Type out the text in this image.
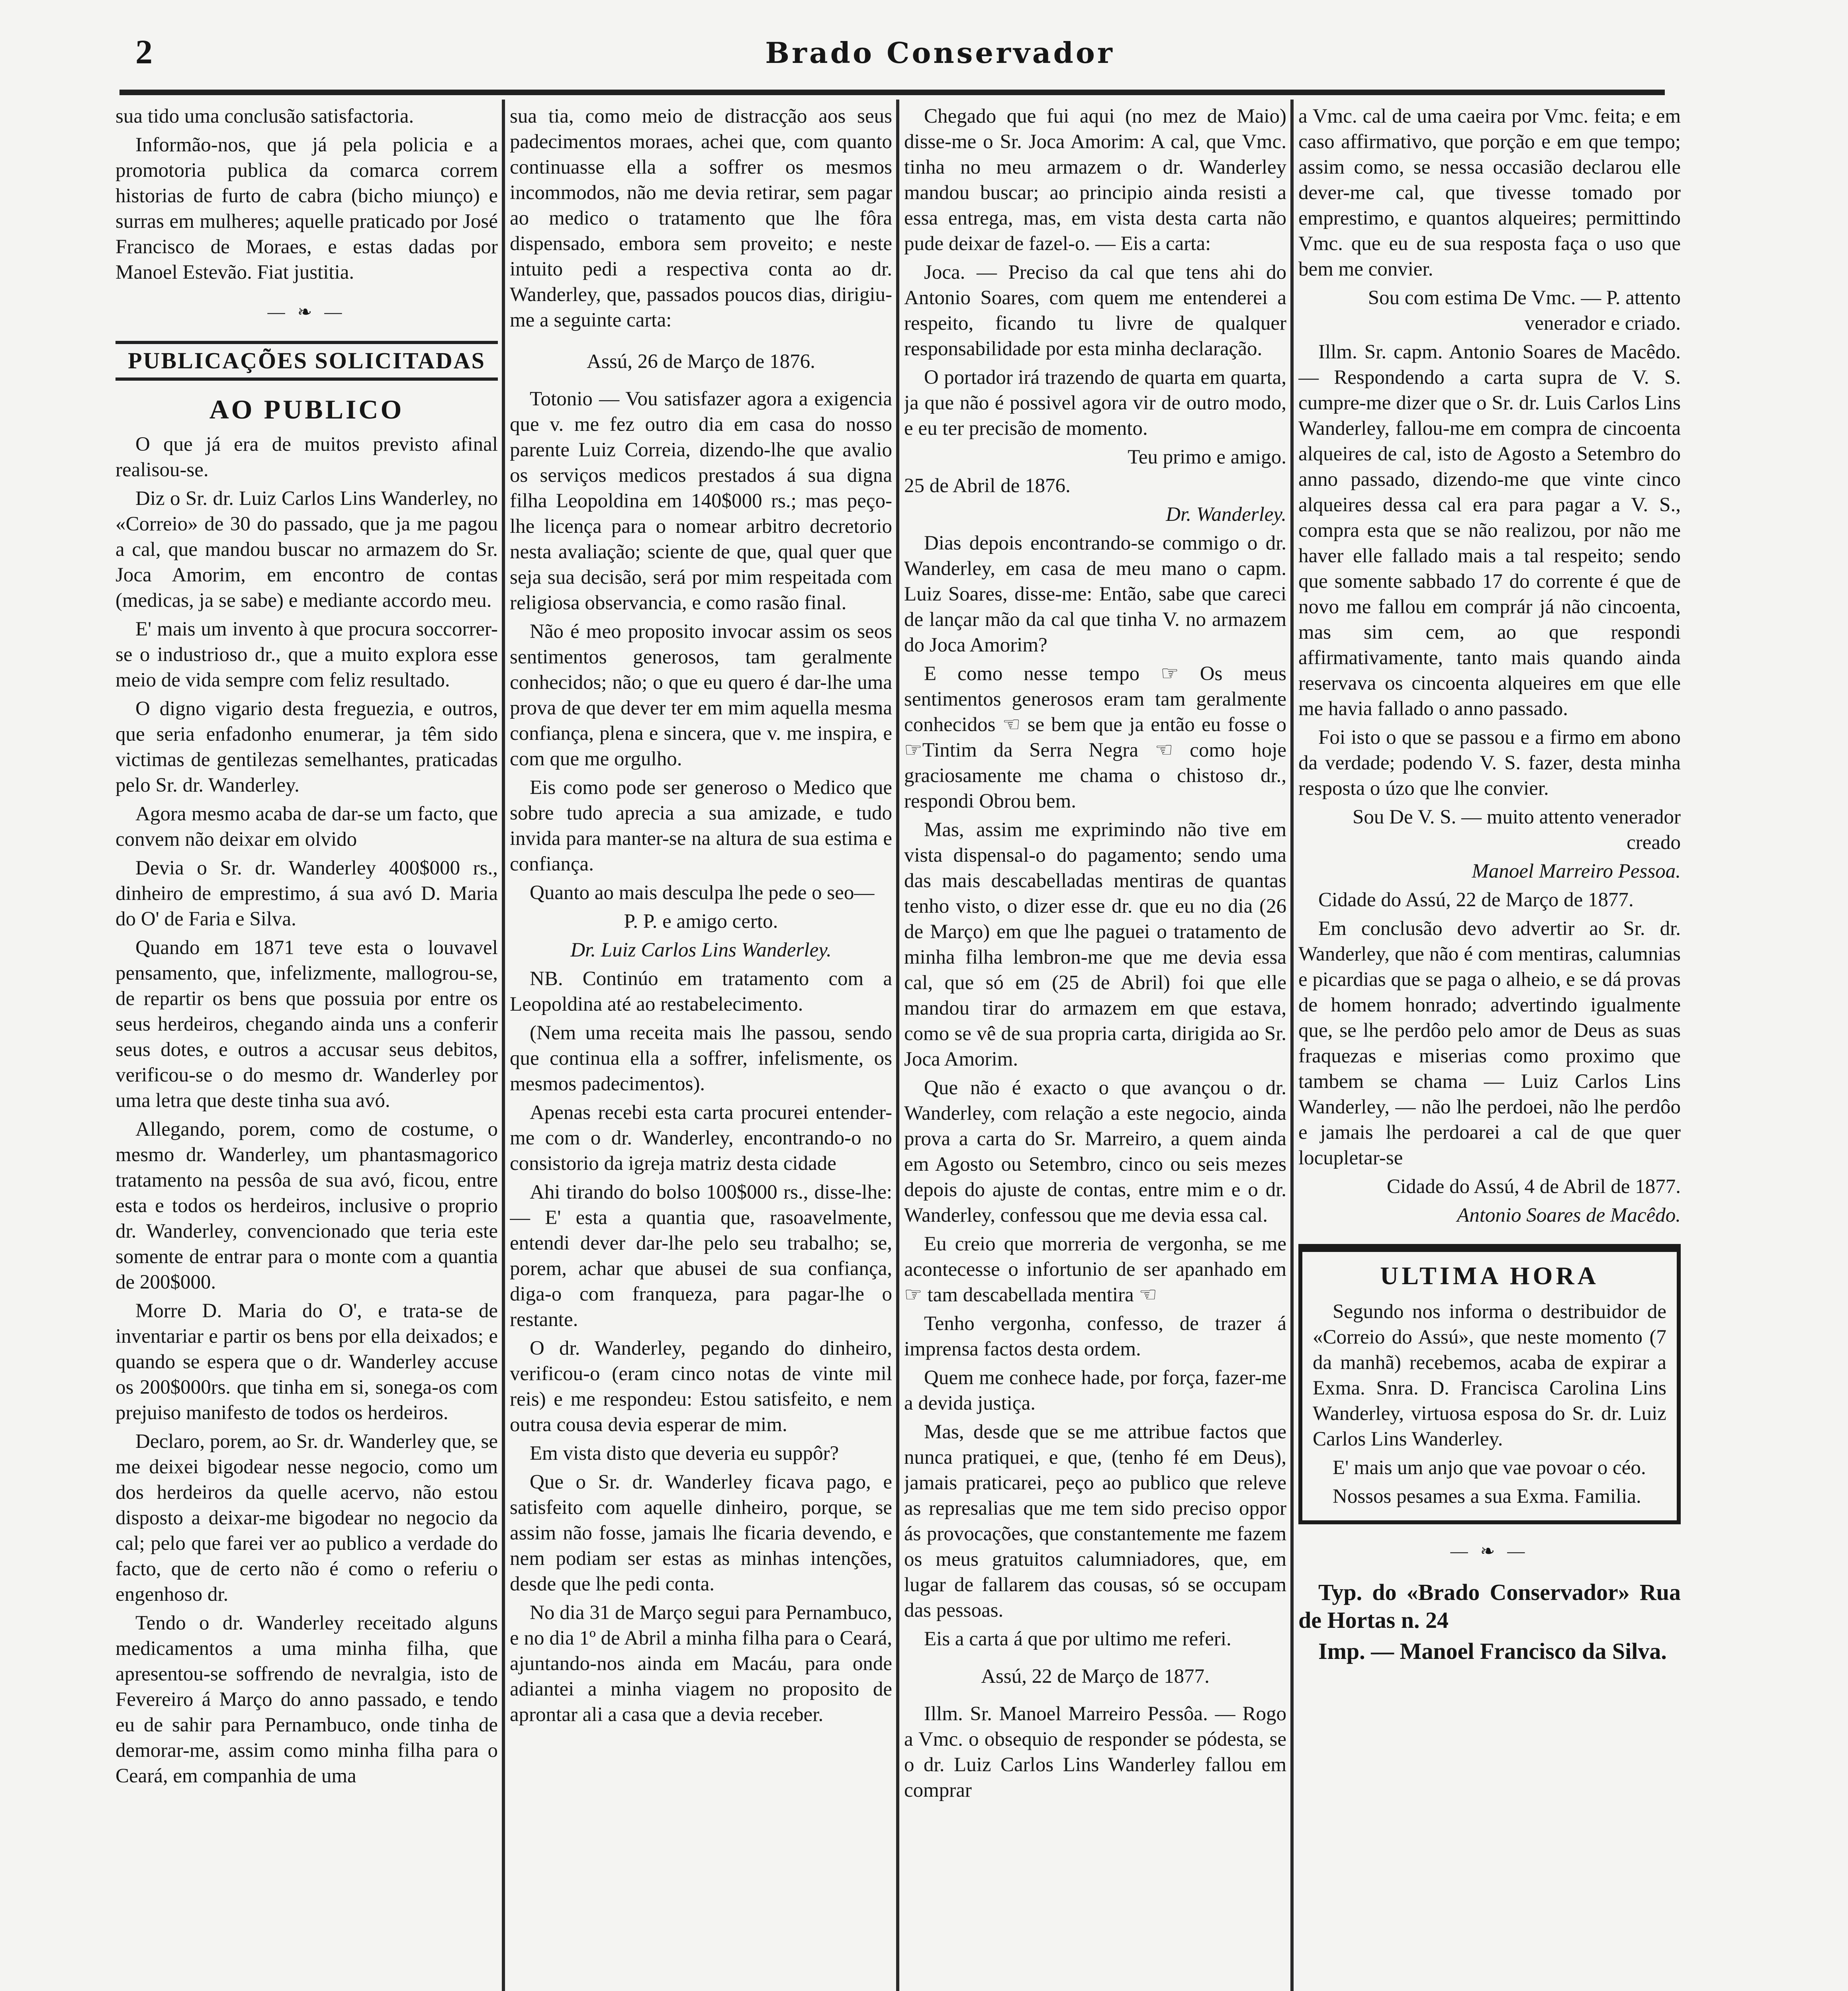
2	Brado Conservador

sua tido uma conclusão satisfactoria.

Informão-nos, que já pela policia e a promotoria publica da comarca correm historias de furto de cabra (bicho miunço) e surras em mulheres; aquelle praticado por José Francisco de Moraes, e estas dadas por Manoel Estevão. Fiat justitia.

— ❧ —
PUBLICAÇÕES SOLICITADAS
AO PUBLICO

O que já era de muitos previsto afinal realisou-se.

Diz o Sr. dr. Luiz Carlos Lins Wanderley, no «Correio» de 30 do passado, que ja me pagou a cal, que mandou buscar no armazem do Sr. Joca Amorim, em encontro de contas (medicas, ja se sabe) e mediante accordo meu.

E' mais um invento à que procura soccorrer-se o industrioso dr., que a muito explora esse meio de vida sempre com feliz resultado.

O digno vigario desta freguezia, e outros, que seria enfadonho enumerar, ja têm sido victimas de gentilezas semelhantes, praticadas pelo Sr. dr. Wanderley.

Agora mesmo acaba de dar-se um facto, que convem não deixar em olvido

Devia o Sr. dr. Wanderley 400$000 rs., dinheiro de emprestimo, á sua avó D. Maria do O' de Faria e Silva.

Quando em 1871 teve esta o louvavel pensamento, que, infelizmente, mallogrou-se, de repartir os bens que possuia por entre os seus herdeiros, chegando ainda uns a conferir seus dotes, e outros a accusar seus debitos, verificou-se o do mesmo dr. Wanderley por uma letra que deste tinha sua avó.

Allegando, porem, como de costume, o mesmo dr. Wanderley, um phantasmagorico tratamento na pessôa de sua avó, ficou, entre esta e todos os herdeiros, inclusive o proprio dr. Wanderley, convencionado que teria este somente de entrar para o monte com a quantia de 200$000.

Morre D. Maria do O', e trata-se de inventariar e partir os bens por ella deixados; e quando se espera que o dr. Wanderley accuse os 200$000rs. que tinha em si, sonega-os com prejuiso manifesto de todos os herdeiros.

Declaro, porem, ao Sr. dr. Wanderley que, se me deixei bigodear nesse negocio, como um dos herdeiros da quelle acervo, não estou disposto a deixar-me bigodear no negocio da cal; pelo que farei ver ao publico a verdade do facto, que de certo não é como o referiu o engenhoso dr.

Tendo o dr. Wanderley receitado alguns medicamentos a uma minha filha, que apresentou-se soffrendo de nevralgia, isto de Fevereiro á Março do anno passado, e tendo eu de sahir para Pernambuco, onde tinha de demorar-me, assim como minha filha para o Ceará, em companhia de uma

sua tia, como meio de distracção aos seus padecimentos moraes, achei que, com quanto continuasse ella a soffrer os mesmos incommodos, não me devia retirar, sem pagar ao medico o tratamento que lhe fôra dispensado, embora sem proveito; e neste intuito pedi a respectiva conta ao dr. Wanderley, que, passados poucos dias, dirigiu-me a seguinte carta:

Assú, 26 de Março de 1876.

Totonio — Vou satisfazer agora a exigencia que v. me fez outro dia em casa do nosso parente Luiz Correia, dizendo-lhe que avalio os serviços medicos prestados á sua digna filha Leopoldina em 140$000 rs.; mas peço-lhe licença para o nomear arbitro decretorio nesta avaliação; sciente de que, qual quer que seja sua decisão, será por mim respeitada com religiosa observancia, e como rasão final.

Não é meo proposito invocar assim os seos sentimentos generosos, tam geralmente conhecidos; não; o que eu quero é dar-lhe uma prova de que dever ter em mim aquella mesma confiança, plena e sincera, que v. me inspira, e com que me orgulho.

Eis como pode ser generoso o Medico que sobre tudo aprecia a sua amizade, e tudo invida para manter-se na altura de sua estima e confiança.

Quanto ao mais desculpa lhe pede o seo—

P. P. e amigo certo.

Dr. Luiz Carlos Lins Wanderley.

NB. Continúo em tratamento com a Leopoldina até ao restabelecimento.

(Nem uma receita mais lhe passou, sendo que continua ella a soffrer, infelismente, os mesmos padecimentos).

Apenas recebi esta carta procurei entender-me com o dr. Wanderley, encontrando-o no consistorio da igreja matriz desta cidade

Ahi tirando do bolso 100$000 rs., disse-lhe: — E' esta a quantia que, rasoavelmente, entendi dever dar-lhe pelo seu trabalho; se, porem, achar que abusei de sua confiança, diga-o com franqueza, para pagar-lhe o restante.

O dr. Wanderley, pegando do dinheiro, verificou-o (eram cinco notas de vinte mil reis) e me respondeu: Estou satisfeito, e nem outra cousa devia esperar de mim.

Em vista disto que deveria eu suppôr?

Que o Sr. dr. Wanderley ficava pago, e satisfeito com aquelle dinheiro, porque, se assim não fosse, jamais lhe ficaria devendo, e nem podiam ser estas as minhas intenções, desde que lhe pedi conta.

No dia 31 de Março segui para Pernambuco, e no dia 1º de Abril a minha filha para o Ceará, ajuntando-nos ainda em Macáu, para onde adiantei a minha viagem no proposito de aprontar ali a casa que a devia receber.

Chegado que fui aqui (no mez de Maio) disse-me o Sr. Joca Amorim: A cal, que Vmc. tinha no meu armazem o dr. Wanderley mandou buscar; ao principio ainda resisti a essa entrega, mas, em vista desta carta não pude deixar de fazel-o. — Eis a carta:

Joca. — Preciso da cal que tens ahi do Antonio Soares, com quem me entenderei a respeito, ficando tu livre de qualquer responsabilidade por esta minha declaração.

O portador irá trazendo de quarta em quarta, ja que não é possivel agora vir de outro modo, e eu ter precisão de momento.

Teu primo e amigo.

25 de Abril de 1876.

Dr. Wanderley.

Dias depois encontrando-se commigo o dr. Wanderley, em casa de meu mano o capm. Luiz Soares, disse-me: Então, sabe que careci de lançar mão da cal que tinha V. no armazem do Joca Amorim?

E como nesse tempo ☞ Os meus sentimentos generosos eram tam geralmente conhecidos ☜ se bem que ja então eu fosse o ☞Tintim da Serra Negra ☜ como hoje graciosamente me chama o chistoso dr., respondi Obrou bem.

Mas, assim me exprimindo não tive em vista dispensal-o do pagamento; sendo uma das mais descabelladas mentiras de quantas tenho visto, o dizer esse dr. que eu no dia (26 de Março) em que lhe paguei o tratamento de minha filha lembron-me que me devia essa cal, que só em (25 de Abril) foi que elle mandou tirar do armazem em que estava, como se vê de sua propria carta, dirigida ao Sr. Joca Amorim.

Que não é exacto o que avançou o dr. Wanderley, com relação a este negocio, ainda prova a carta do Sr. Marreiro, a quem ainda em Agosto ou Setembro, cinco ou seis mezes depois do ajuste de contas, entre mim e o dr. Wanderley, confessou que me devia essa cal.

Eu creio que morreria de vergonha, se me acontecesse o infortunio de ser apanhado em ☞ tam descabellada mentira ☜

Tenho vergonha, confesso, de trazer á imprensa factos desta ordem.

Quem me conhece hade, por força, fazer-me a devida justiça.

Mas, desde que se me attribue factos que nunca pratiquei, e que, (tenho fé em Deus), jamais praticarei, peço ao publico que releve as represalias que me tem sido preciso oppor ás provocações, que constantemente me fazem os meus gratuitos calumniadores, que, em lugar de fallarem das cousas, só se occupam das pessoas.

Eis a carta á que por ultimo me referi.

Assú, 22 de Março de 1877.

Illm. Sr. Manoel Marreiro Pessôa. — Rogo a Vmc. o obsequio de responder se pódesta, se o dr. Luiz Carlos Lins Wanderley fallou em comprar

a Vmc. cal de uma caeira por Vmc. feita; e em caso affirmativo, que porção e em que tempo; assim como, se nessa occasião declarou elle dever-me cal, que tivesse tomado por emprestimo, e quantos alqueires; permittindo Vmc. que eu de sua resposta faça o uso que bem me convier.

Sou com estima De Vmc. — P. attento venerador e criado.

Illm. Sr. capm. Antonio Soares de Macêdo. — Respondendo a carta supra de V. S. cumpre-me dizer que o Sr. dr. Luis Carlos Lins Wanderley, fallou-me em compra de cincoenta alqueires de cal, isto de Agosto a Setembro do anno passado, dizendo-me que vinte cinco alqueires dessa cal era para pagar a V. S., compra esta que se não realizou, por não me haver elle fallado mais a tal respeito; sendo que somente sabbado 17 do corrente é que de novo me fallou em comprár já não cincoenta, mas sim cem, ao que respondi affirmativamente, tanto mais quando ainda reservava os cincoenta alqueires em que elle me havia fallado o anno passado.

Foi isto o que se passou e a firmo em abono da verdade; podendo V. S. fazer, desta minha resposta o úzo que lhe convier.

Sou De V. S. — muito attento venerador creado

Manoel Marreiro Pessoa.

Cidade do Assú, 22 de Março de 1877.

Em conclusão devo advertir ao Sr. dr. Wanderley, que não é com mentiras, calumnias e picardias que se paga o alheio, e se dá provas de homem honrado; advertindo igualmente que, se lhe perdôo pelo amor de Deus as suas fraquezas e miserias como proximo que tambem se chama — Luiz Carlos Lins Wanderley, — não lhe perdoei, não lhe perdôo e jamais lhe perdoarei a cal de que quer locupletar-se

Cidade do Assú, 4 de Abril de 1877.

Antonio Soares de Macêdo.

ULTIMA HORA

Segundo nos informa o destribuidor de «Correio do Assú», que neste momento (7 da manhã) recebemos, acaba de expirar a Exma. Snra. D. Francisca Carolina Lins Wanderley, virtuosa esposa do Sr. dr. Luiz Carlos Lins Wanderley.

E' mais um anjo que vae povoar o céo.

Nossos pesames a sua Exma. Familia.

— ❧ —

Typ. do «Brado Conservador» Rua de Hortas n. 24

Imp. — Manoel Francisco da Silva.
